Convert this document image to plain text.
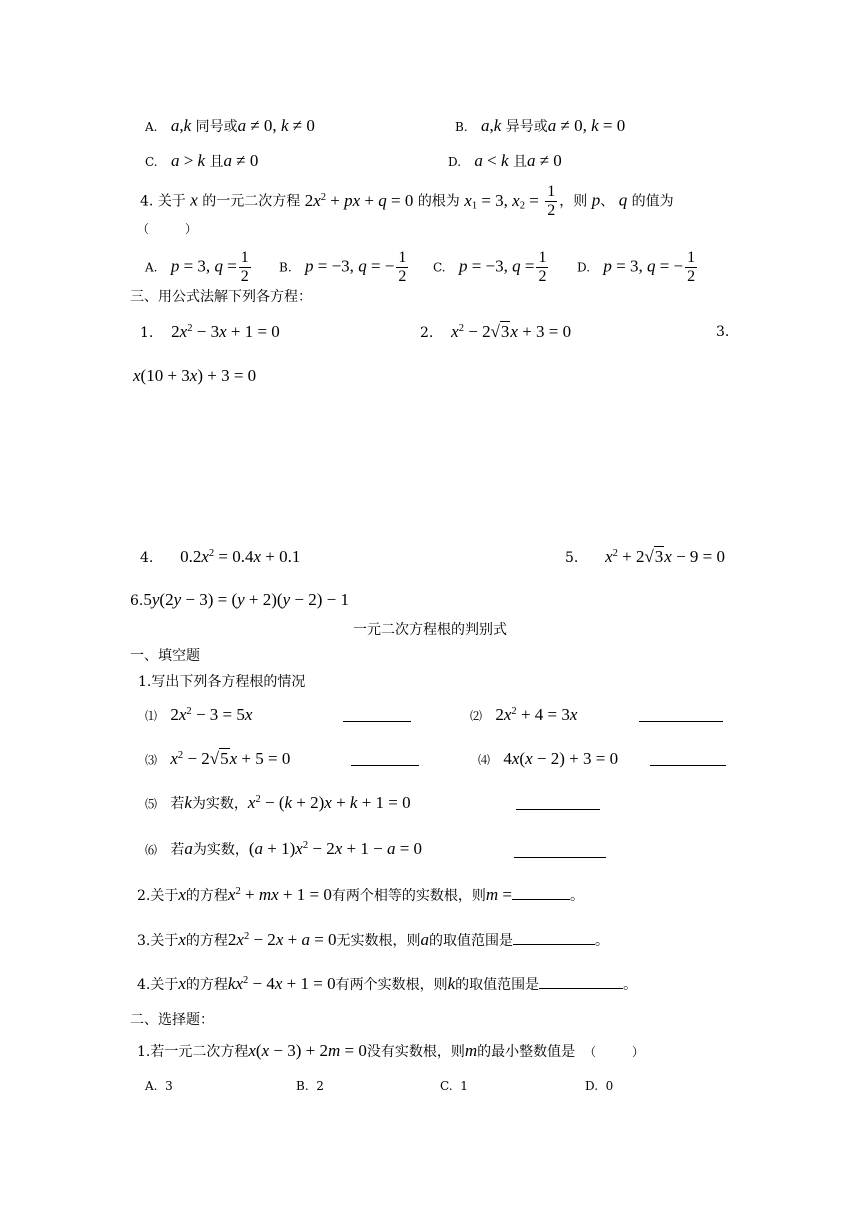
A. a,k 同号或a ≠ 0, k ≠ 0	B. a,k 异号或a ≠ 0, k = 0
C. a > k 且a ≠ 0	D. a < k 且a ≠ 0
4. 关于 x 的一元二次方程 $2x^2$ + px + q = 0 的根为 $x_1 = 3$, $x_2 = \frac{1}{2}$ ，则 p、 q 的值为
（　　　）
A. p = 3, $q = \frac{1}{2} B$. p = −3, q = − $\frac{1}{2} C$. p = −3, $q = \frac{1}{2} D$. p = 3, q = − $\frac{1}{2}$
三、用公式法解下列各方程：
1. $2x^2 - 3x + 1 = 0$	2. $x^2 - 2√3x + 3 = 0$	3.
x(10 + 3x) + 3 = 0
4. $0.2x^2 = 0.4x + 0.1$	5. $x^2 + 2√3x - 9 = 0$
6.5y(2y − 3) = (y + 2)(y − 2) − 1
一元二次方程根的判别式
一、填空题
1.写出下列各方程根的情况
⑴ $2x^2 - 3 = 5x$	⑵ $2x^2 + 4 = 3x$
⑶ $x^2 - 2√5x + 5 = 0$	⑷ 4x(x − 2) + 3 = 0
⑸ 若k为实数，$x^2 - (k + 2)x + k + 1 = 0$
⑹ 若a为实数，$(a + 1)x^2 - 2x + 1 - a = 0$
2.关于x的方程$x^2$ + mx + 1 = 0有两个相等的实数根，则m =	。
3.关于x的方程$2x^2 - 2x + a = 0$无实数根，则a的取值范围是	。
4.关于x的方程$kx^2 - 4x + 1 = 0$有两个实数根，则k的取值范围是	。
二、选择题：
1.若一元二次方程x(x − 3) + 2m = 0没有实数根，则m的最小整数值是 （　　　）
A. 3	B. 2	C. 1	D. 0
